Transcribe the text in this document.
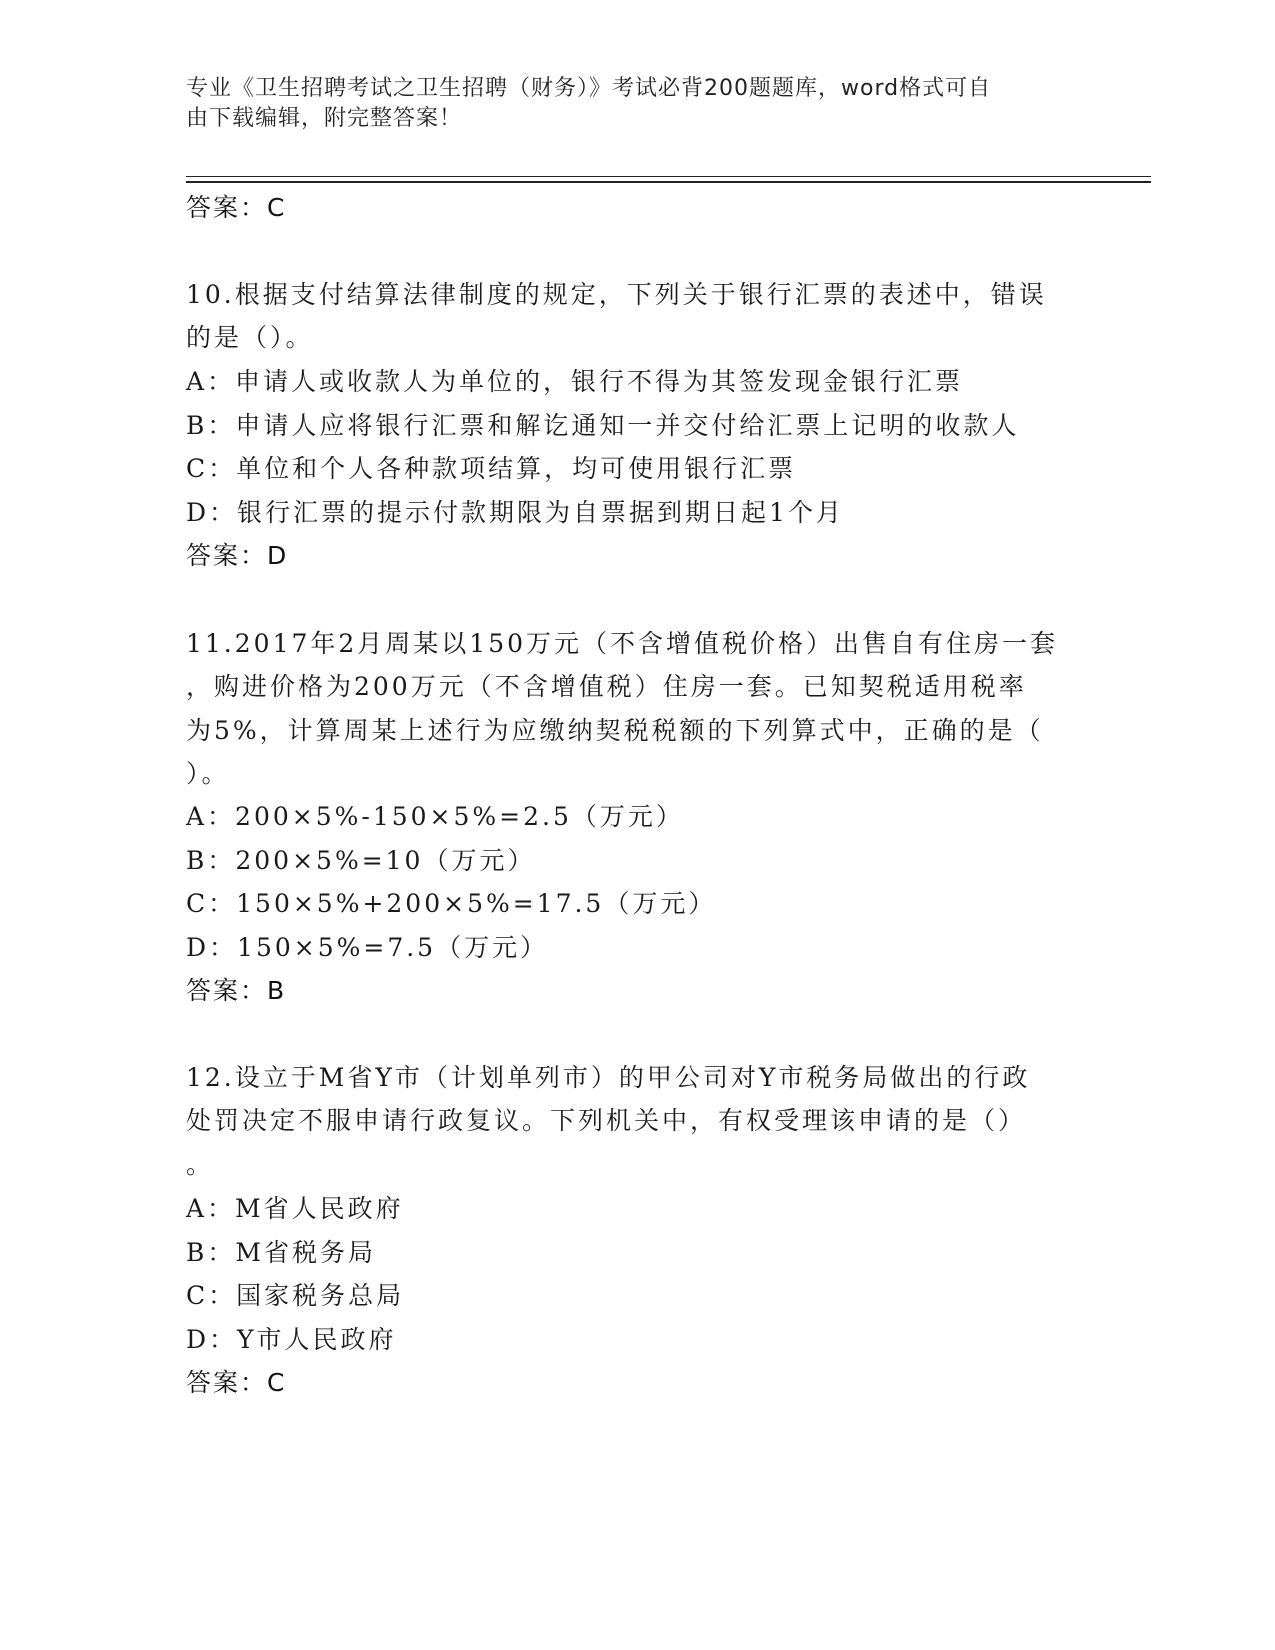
专业《卫生招聘考试之卫生招聘（财务）》考试必背200题题库，word格式可自
由下载编辑，附完整答案！
答案：C
10.根据支付结算法律制度的规定，下列关于银行汇票的表述中，错误
的是（）。
A：申请人或收款人为单位的，银行不得为其签发现金银行汇票
B：申请人应将银行汇票和解讫通知一并交付给汇票上记明的收款人
C：单位和个人各种款项结算，均可使用银行汇票
D：银行汇票的提示付款期限为自票据到期日起1个月
答案：D
11.2017年2月周某以150万元（不含增值税价格）出售自有住房一套
，购进价格为200万元（不含增值税）住房一套。已知契税适用税率
为5%，计算周某上述行为应缴纳契税税额的下列算式中，正确的是（
）。
A：200×5%-150×5%=2.5（万元）
B：200×5%=10（万元）
C：150×5%+200×5%=17.5（万元）
D：150×5%=7.5（万元）
答案：B
12.设立于M省Y市（计划单列市）的甲公司对Y市税务局做出的行政
处罚决定不服申请行政复议。下列机关中，有权受理该申请的是（）
。
A：M省人民政府
B：M省税务局
C：国家税务总局
D：Y市人民政府
答案：C
